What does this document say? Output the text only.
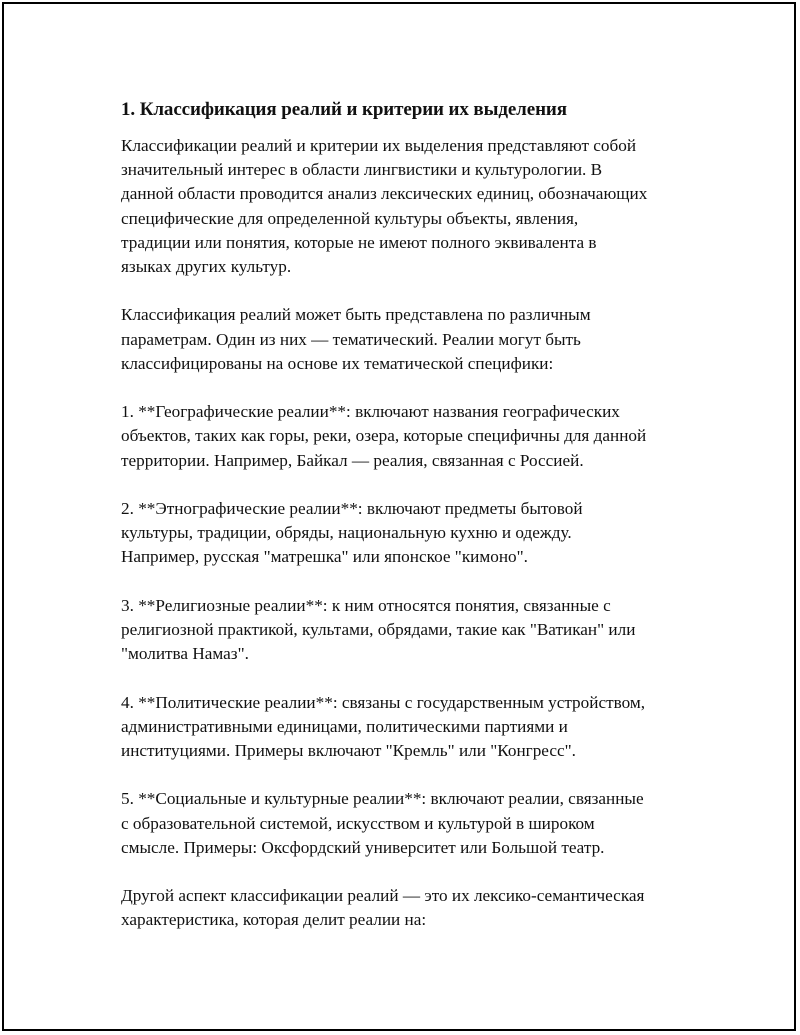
1. Классификация реалий и критерии их выделения

Классификации реалий и критерии их выделения представляют собой
значительный интерес в области лингвистики и культурологии. В
данной области проводится анализ лексических единиц, обозначающих
специфические для определенной культуры объекты, явления,
традиции или понятия, которые не имеют полного эквивалента в
языках других культур.

Классификация реалий может быть представлена по различным
параметрам. Один из них — тематический. Реалии могут быть
классифицированы на основе их тематической специфики:

1. **Географические реалии**: включают названия географических
объектов, таких как горы, реки, озера, которые специфичны для данной
территории. Например, Байкал — реалия, связанная с Россией.

2. **Этнографические реалии**: включают предметы бытовой
культуры, традиции, обряды, национальную кухню и одежду.
Например, русская "матрешка" или японское "кимоно".

3. **Религиозные реалии**: к ним относятся понятия, связанные с
религиозной практикой, культами, обрядами, такие как "Ватикан" или
"молитва Намаз".

4. **Политические реалии**: связаны с государственным устройством,
административными единицами, политическими партиями и
институциями. Примеры включают "Кремль" или "Конгресс".

5. **Социальные и культурные реалии**: включают реалии, связанные
с образовательной системой, искусством и культурой в широком
смысле. Примеры: Оксфордский университет или Большой театр.

Другой аспект классификации реалий — это их лексико-семантическая
характеристика, которая делит реалии на:
